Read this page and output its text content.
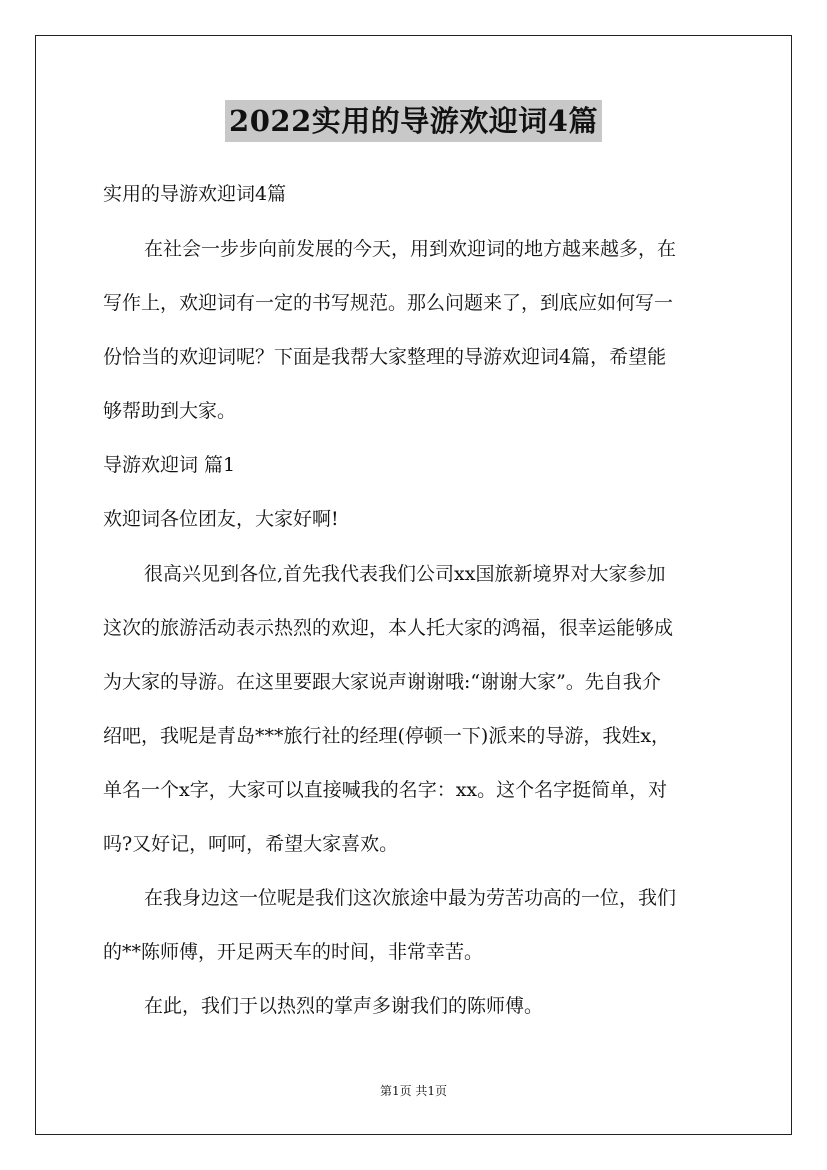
2022实用的导游欢迎词4篇
实用的导游欢迎词4篇
在社会一步步向前发展的今天，用到欢迎词的地方越来越多，在
写作上，欢迎词有一定的书写规范。那么问题来了，到底应如何写一
份恰当的欢迎词呢？下面是我帮大家整理的导游欢迎词4篇，希望能
够帮助到大家。
导游欢迎词 篇1
欢迎词各位团友，大家好啊!
很高兴见到各位,首先我代表我们公司xx国旅新境界对大家参加
这次的旅游活动表示热烈的欢迎，本人托大家的鸿福，很幸运能够成
为大家的导游。在这里要跟大家说声谢谢哦:“谢谢大家”。先自我介
绍吧，我呢是青岛***旅行社的经理(停顿一下)派来的导游，我姓x，
单名一个x字，大家可以直接喊我的名字：xx。这个名字挺简单，对
吗?又好记，呵呵，希望大家喜欢。
在我身边这一位呢是我们这次旅途中最为劳苦功高的一位，我们
的**陈师傅，开足两天车的时间，非常幸苦。
在此，我们于以热烈的掌声多谢我们的陈师傅。
第1页 共1页
